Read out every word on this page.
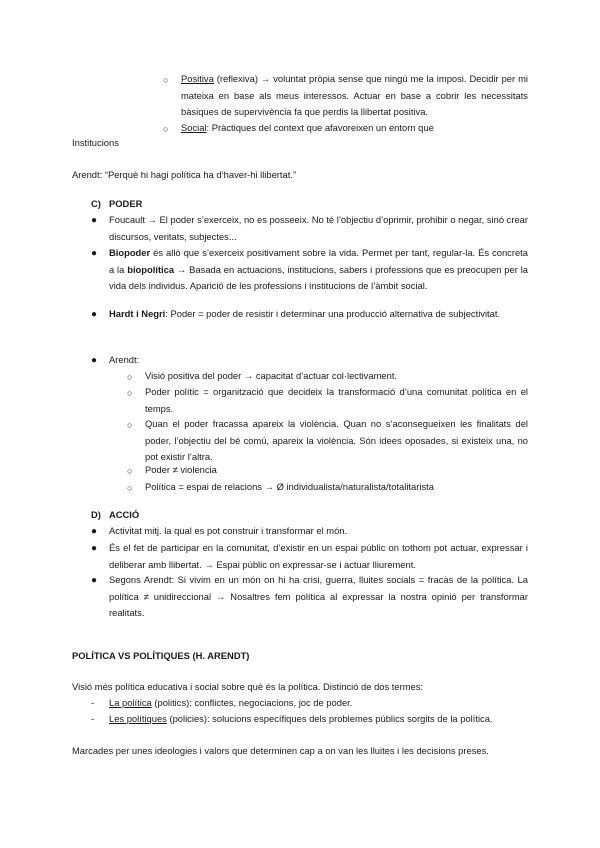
○ Positiva (reflexiva) → voluntat pròpia sense que ningú me la imposi. Decidir per mi mateixa en base als meus interessos. Actuar en base a cobrir les necessitats bàsiques de supervivència fa que perdis la llibertat positiva.
○ Social: Pràctiques del context que afavoreixen un entorn que
Institucions
Arendt: “Perquè hi hagi política ha d’haver-hi llibertat.”
C) PODER
● Foucault → El poder s’exerceix, no es posseeix. No té l’objectiu d’oprimir, prohibir o negar, sinó crear discursos, veritats, subjectes...
● Biopoder és allò que s’exerceix positivament sobre la vida. Permet per tant, regular-la. És concreta a la biopolítica → Basada en actuacions, institucions, sabers i professions que es preocupen per la vida dels individus. Aparició de les professions i institucions de l’àmbit social.
● Hardt i Negri: Poder = poder de resistir i determinar una producció alternativa de subjectivitat.
● Arendt:
○ Visió positiva del poder → capacitat d’actuar col·lectivament.
○ Poder polític = organització que decideix la transformació d’una comunitat política en el temps.
○ Quan el poder fracassa apareix la violència. Quan no s’aconsegueixen les finalitats del poder, l’objectiu del bé comú, apareix la violència. Són idees oposades, si existeix una, no pot existir l’altra.
○ Poder ≠ violencia
○ Política = espai de relacions → Ø individualista/naturalista/totalitarista
D) ACCIÓ
● Activitat mitj. la qual es pot construir i transformar el món.
● És el fet de participar en la comunitat, d’existir en un espai públic on tothom pot actuar, expressar i deliberar amb llibertat. → Espai públic on expressar-se i actuar lliurement.
● Segons Arendt: Si vivim en un món on hi ha crisi, guerra, lluites socials = fracàs de la política. La política ≠ unidireccional → Nosaltres fem política al expressar la nostra opinió per transformar realitats.
POLÍTICA VS POLÍTIQUES (H. ARENDT)
Visió més política educativa i social sobre què és la política. Distinció de dos termes:
- La política (politics): conflictes, negociacions, joc de poder.
- Les polítiques (policies): solucions específiques dels problemes públics sorgits de la política.
Marcades per unes ideologies i valors que determinen cap a on van les lluites i les decisions preses.
